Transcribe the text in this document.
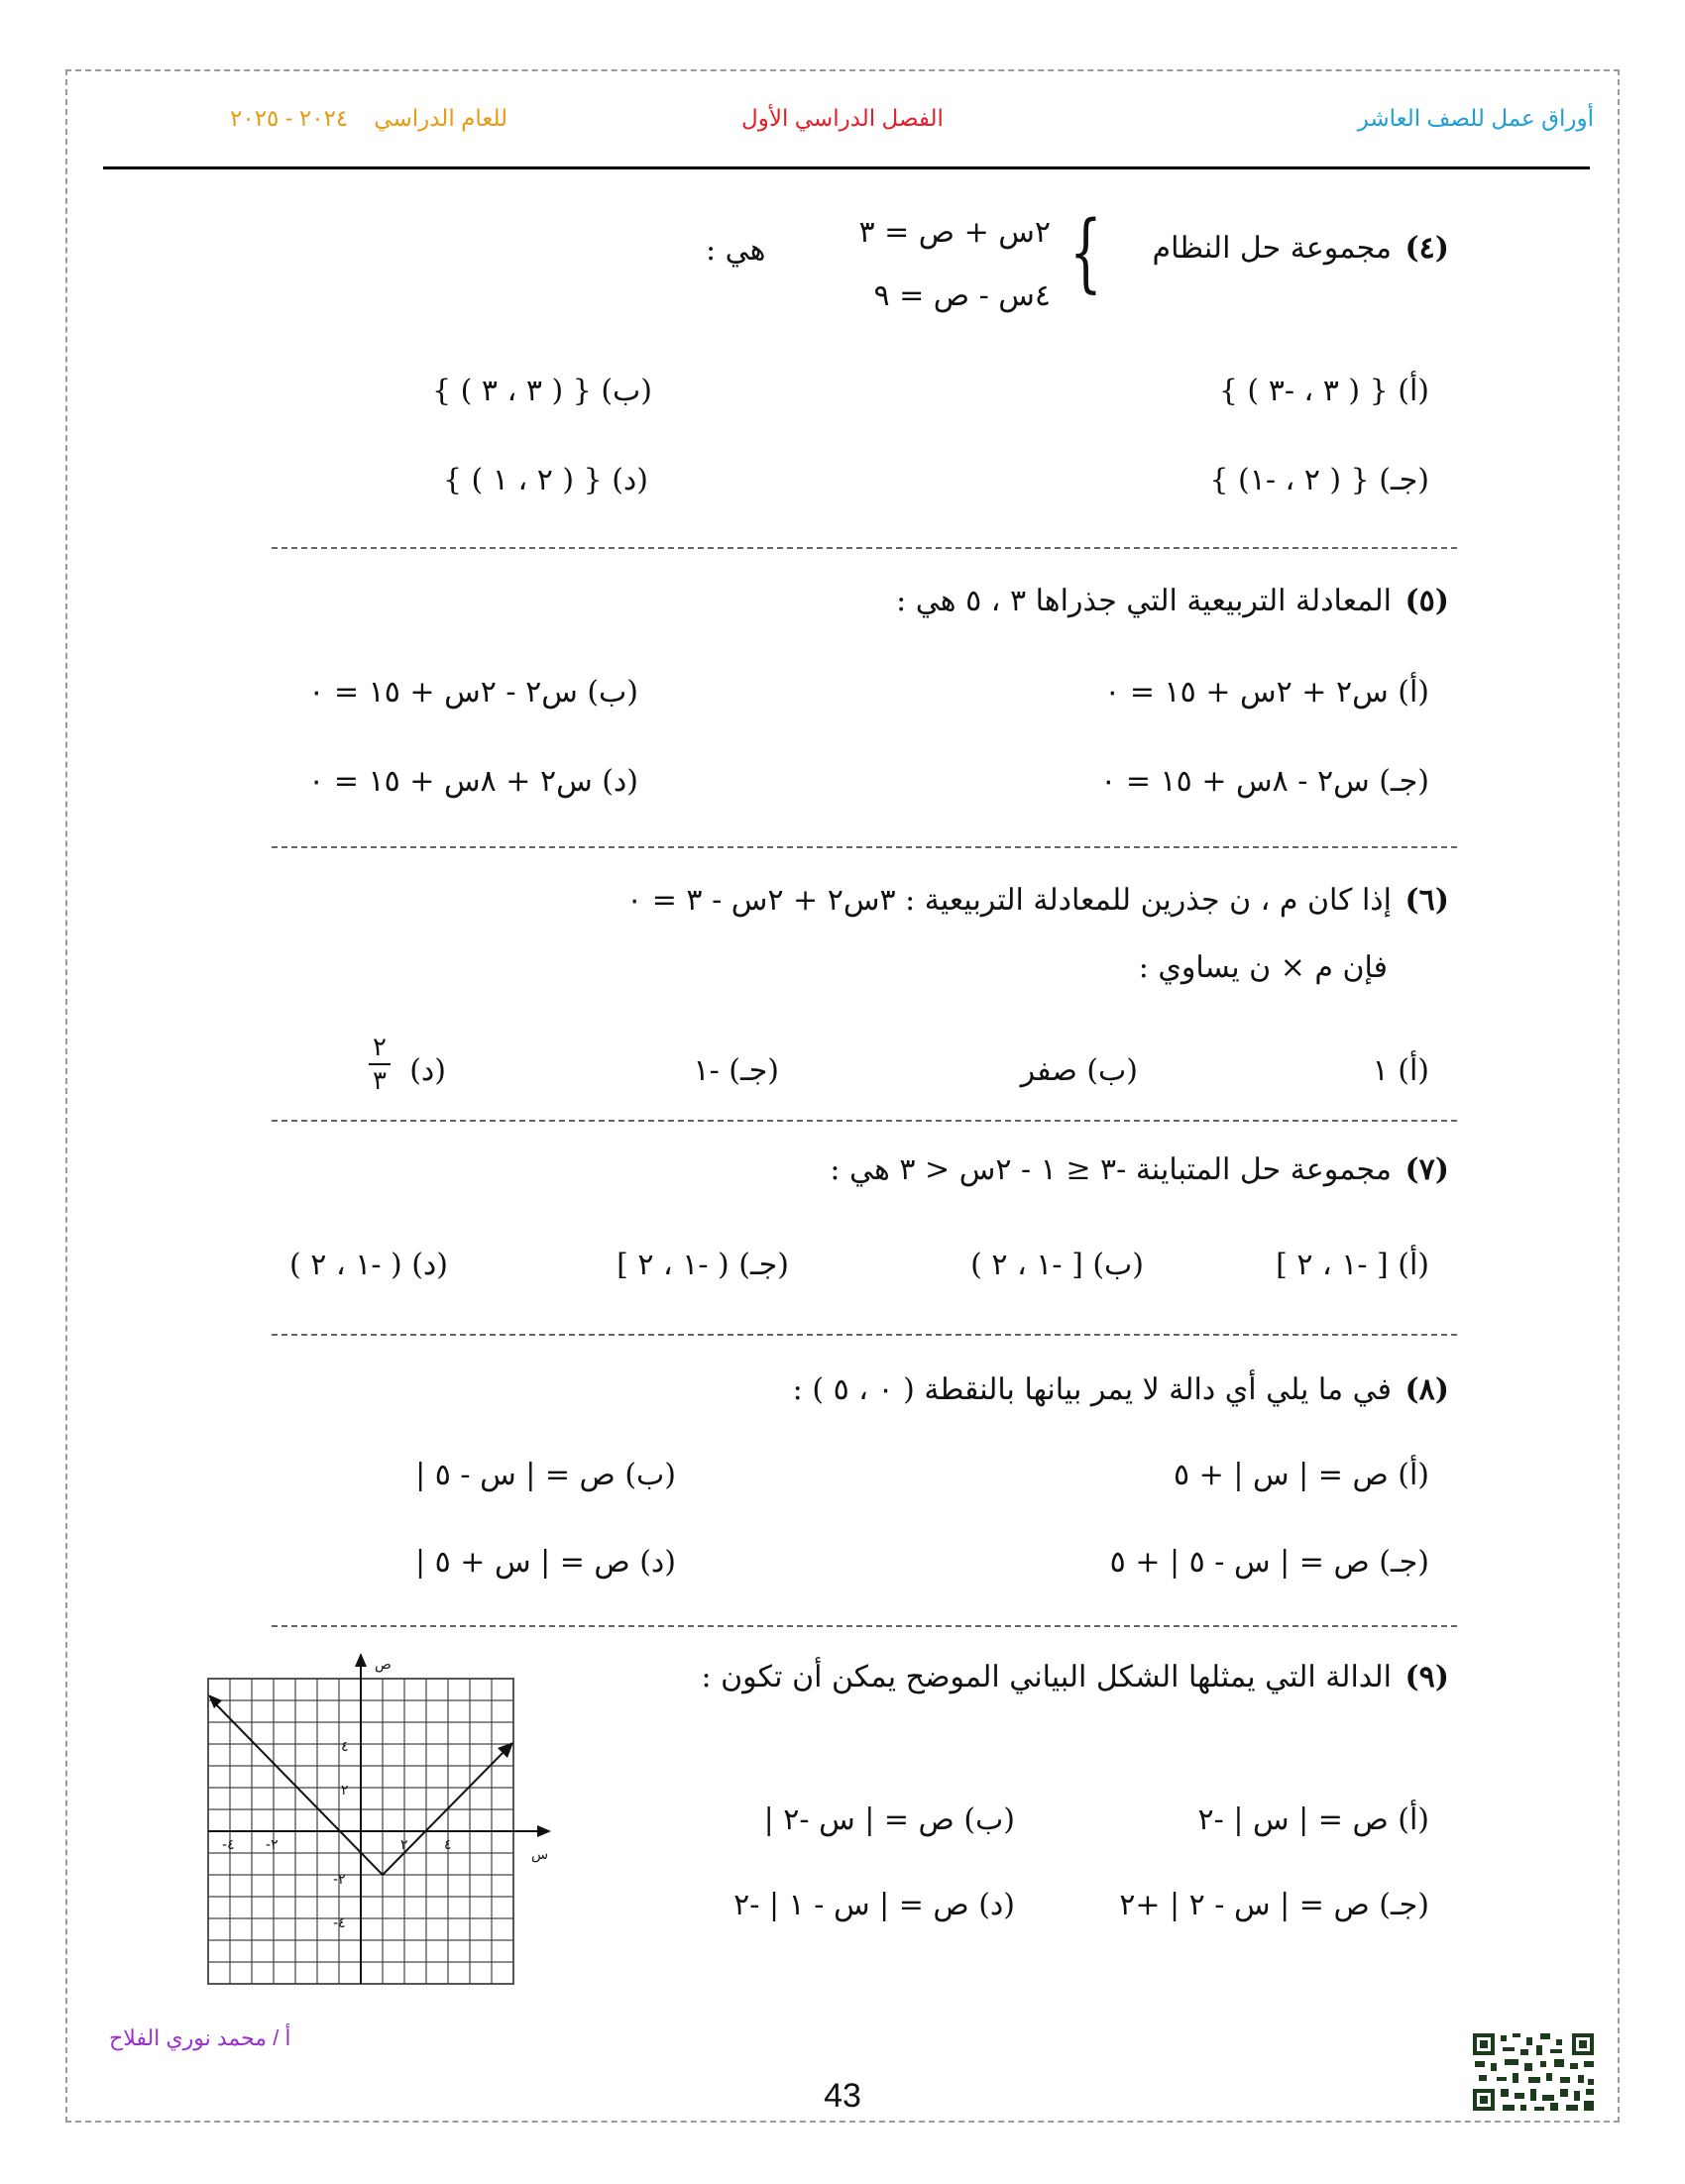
أوراق عمل للصف العاشر
الفصل الدراسي الأول
للعام الدراسي٢٠٢٤ - ٢٠٢٥
(٤)
مجموعة حل النظام
{
٢س + ص = ٣
٤س - ص = ٩
هي :
(أ) { ( ٣ ، -٣ ) }
(ب) { ( ٣ ، ٣ ) }
(جـ) { ( ٢ ، -١) }
(د) { ( ٢ ، ١ ) }
(٥)
المعادلة التربيعية التي جذراها ٣ ، ٥ هي :
(أ) س٢ + ٢س + ١٥ = ٠
(ب) س٢ - ٢س + ١٥ = ٠
(جـ) س٢ - ٨س + ١٥ = ٠
(د) س٢ + ٨س + ١٥ = ٠
(٦)
إذا كان م ، ن جذرين للمعادلة التربيعية : ٣س٢ + ٢س - ٣ = ٠
فإن م × ن يساوي :
(أ) ١
(ب) صفر
(جـ) -١
(د)
٢
٣
(٧)
مجموعة حل المتباينة -٣ ≤ ١ - ٢س < ٣ هي :
(أ) [ -١ ، ٢ ]
(ب) [ -١ ، ٢ )
(جـ) ( -١ ، ٢ ]
(د) ( -١ ، ٢ )
(٨)
في ما يلي أي دالة لا يمر بيانها بالنقطة ( ٠ ، ٥ ) :
(أ) ص = | س | + ٥
(ب) ص = | س - ٥ |
(جـ) ص = | س - ٥ | + ٥
(د) ص = | س + ٥ |
(٩)
الدالة التي يمثلها الشكل البياني الموضح يمكن أن تكون :
(أ) ص = | س | -٢
(ب) ص = | س -٢ |
(جـ) ص = | س - ٢ | +٢
(د) ص = | س - ١ | -٢
ص
س
-٤ -٢	٢	٤
٤
٢
-٢
-٤
أ / محمد نوري الفلاح
43
